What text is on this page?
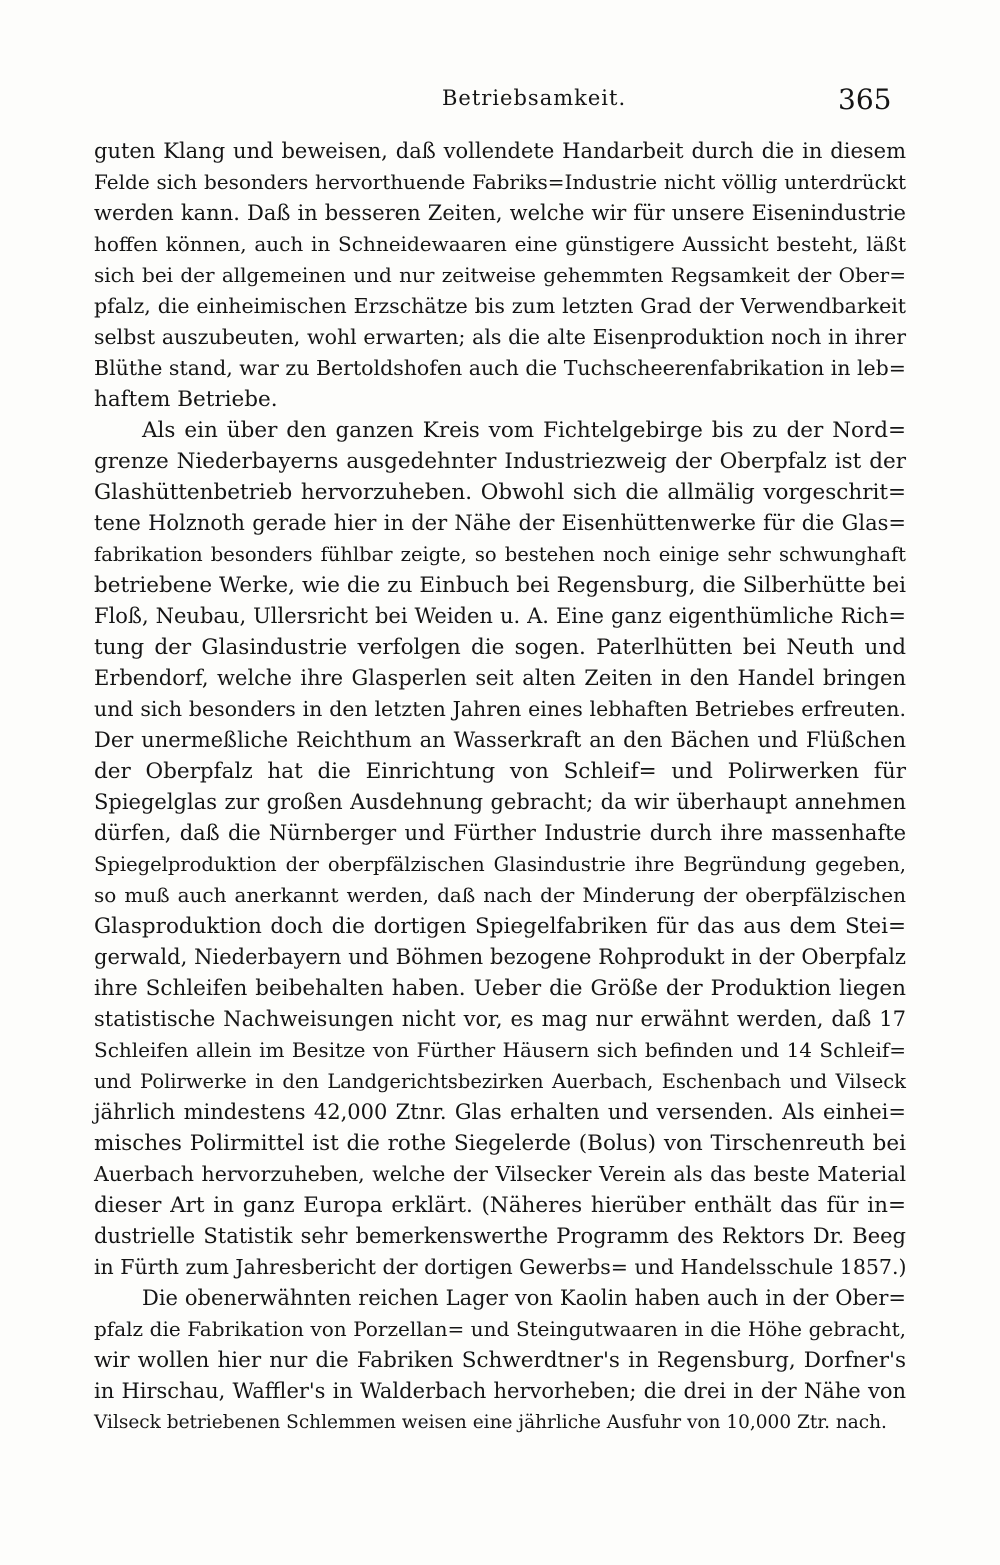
Betriebsamkeit.	365
guten Klang und beweisen, daß vollendete Handarbeit durch die in diesem
Felde sich besonders hervorthuende Fabriks=Industrie nicht völlig unterdrückt
werden kann. Daß in besseren Zeiten, welche wir für unsere Eisenindustrie
hoffen können, auch in Schneidewaaren eine günstigere Aussicht besteht, läßt
sich bei der allgemeinen und nur zeitweise gehemmten Regsamkeit der Ober=
pfalz, die einheimischen Erzschätze bis zum letzten Grad der Verwendbarkeit
selbst auszubeuten, wohl erwarten; als die alte Eisenproduktion noch in ihrer
Blüthe stand, war zu Bertoldshofen auch die Tuchscheerenfabrikation in leb=
haftem Betriebe.
Als ein über den ganzen Kreis vom Fichtelgebirge bis zu der Nord=
grenze Niederbayerns ausgedehnter Industriezweig der Oberpfalz ist der
Glashüttenbetrieb hervorzuheben. Obwohl sich die allmälig vorgeschrit=
tene Holznoth gerade hier in der Nähe der Eisenhüttenwerke für die Glas=
fabrikation besonders fühlbar zeigte, so bestehen noch einige sehr schwunghaft
betriebene Werke, wie die zu Einbuch bei Regensburg, die Silberhütte bei
Floß, Neubau, Ullersricht bei Weiden u. A. Eine ganz eigenthümliche Rich=
tung der Glasindustrie verfolgen die sogen. Paterlhütten bei Neuth und
Erbendorf, welche ihre Glasperlen seit alten Zeiten in den Handel bringen
und sich besonders in den letzten Jahren eines lebhaften Betriebes erfreuten.
Der unermeßliche Reichthum an Wasserkraft an den Bächen und Flüßchen
der Oberpfalz hat die Einrichtung von Schleif= und Polirwerken für
Spiegelglas zur großen Ausdehnung gebracht; da wir überhaupt annehmen
dürfen, daß die Nürnberger und Fürther Industrie durch ihre massenhafte
Spiegelproduktion der oberpfälzischen Glasindustrie ihre Begründung gegeben,
so muß auch anerkannt werden, daß nach der Minderung der oberpfälzischen
Glasproduktion doch die dortigen Spiegelfabriken für das aus dem Stei=
gerwald, Niederbayern und Böhmen bezogene Rohprodukt in der Oberpfalz
ihre Schleifen beibehalten haben. Ueber die Größe der Produktion liegen
statistische Nachweisungen nicht vor, es mag nur erwähnt werden, daß 17
Schleifen allein im Besitze von Fürther Häusern sich befinden und 14 Schleif=
und Polirwerke in den Landgerichtsbezirken Auerbach, Eschenbach und Vilseck
jährlich mindestens 42,000 Ztnr. Glas erhalten und versenden. Als einhei=
misches Polirmittel ist die rothe Siegelerde (Bolus) von Tirschenreuth bei
Auerbach hervorzuheben, welche der Vilsecker Verein als das beste Material
dieser Art in ganz Europa erklärt. (Näheres hierüber enthält das für in=
dustrielle Statistik sehr bemerkenswerthe Programm des Rektors Dr. Beeg
in Fürth zum Jahresbericht der dortigen Gewerbs= und Handelsschule 1857.)
Die obenerwähnten reichen Lager von Kaolin haben auch in der Ober=
pfalz die Fabrikation von Porzellan= und Steingutwaaren in die Höhe gebracht,
wir wollen hier nur die Fabriken Schwerdtner's in Regensburg, Dorfner's
in Hirschau, Waffler's in Walderbach hervorheben; die drei in der Nähe von
Vilseck betriebenen Schlemmen weisen eine jährliche Ausfuhr von 10,000 Ztr. nach.
